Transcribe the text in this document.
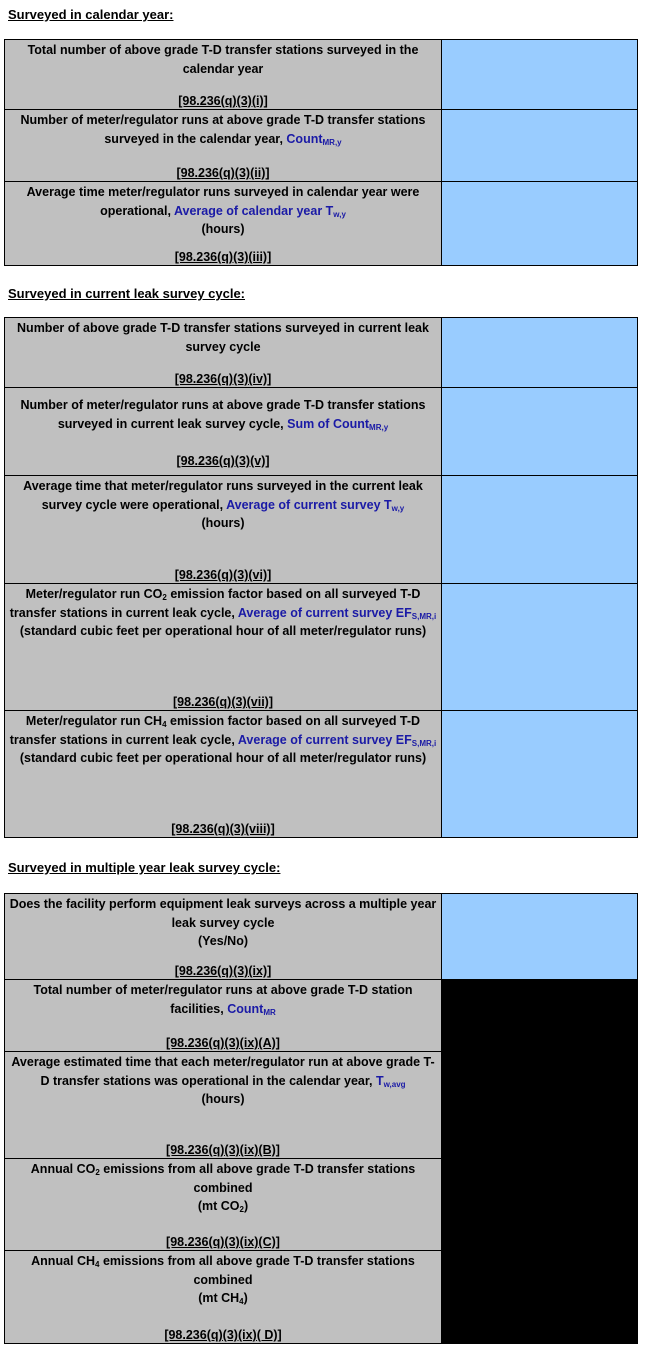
Surveyed in calendar year:
Total number of above grade T-D transfer stations surveyed in the calendar year
[98.236(q)(3)(i)]	

Number of meter/regulator runs at above grade T-D transfer stations surveyed in the calendar year, Count$_{MR,y}$
[98.236(q)(3)(ii)]	

Average time meter/regulator runs surveyed in calendar year were operational, Average of calendar year $T_{w,y}$
(hours)
[98.236(q)(3)(iii)]	

Surveyed in current leak survey cycle:
Number of above grade T-D transfer stations surveyed in current leak survey cycle
[98.236(q)(3)(iv)]	

Number of meter/regulator runs at above grade T-D transfer stations surveyed in current leak survey cycle, Sum of Count$_{MR,y}$
[98.236(q)(3)(v)]	

Average time that meter/regulator runs surveyed in the current leak survey cycle were operational, Average of current survey $T_{w,y}$
(hours)
[98.236(q)(3)(vi)]	

Meter/regulator run $CO_2$ emission factor based on all surveyed T-D transfer stations in current leak cycle, Average of current survey $EF_{S,MR,i}$
(standard cubic feet per operational hour of all meter/regulator runs)
[98.236(q)(3)(vii)]	

Meter/regulator run $CH_4$ emission factor based on all surveyed T-D transfer stations in current leak cycle, Average of current survey $EF_{S,MR,i}$
(standard cubic feet per operational hour of all meter/regulator runs)
[98.236(q)(3)(viii)]	

Surveyed in multiple year leak survey cycle:
Does the facility perform equipment leak surveys across a multiple year leak survey cycle
(Yes/No)
[98.236(q)(3)(ix)]	

Total number of meter/regulator runs at above grade T-D station facilities, Count$_{MR}$
[98.236(q)(3)(ix)(A)]	

Average estimated time that each meter/regulator run at above grade T-D transfer stations was operational in the calendar year, $T_{w,avg}$
(hours)
[98.236(q)(3)(ix)(B)]	

Annual $CO_2$ emissions from all above grade T-D transfer stations combined
(mt $CO_2$)
[98.236(q)(3)(ix)(C)]	

Annual $CH_4$ emissions from all above grade T-D transfer stations combined
(mt $CH_4$)
[98.236(q)(3)(ix)( D)]	
